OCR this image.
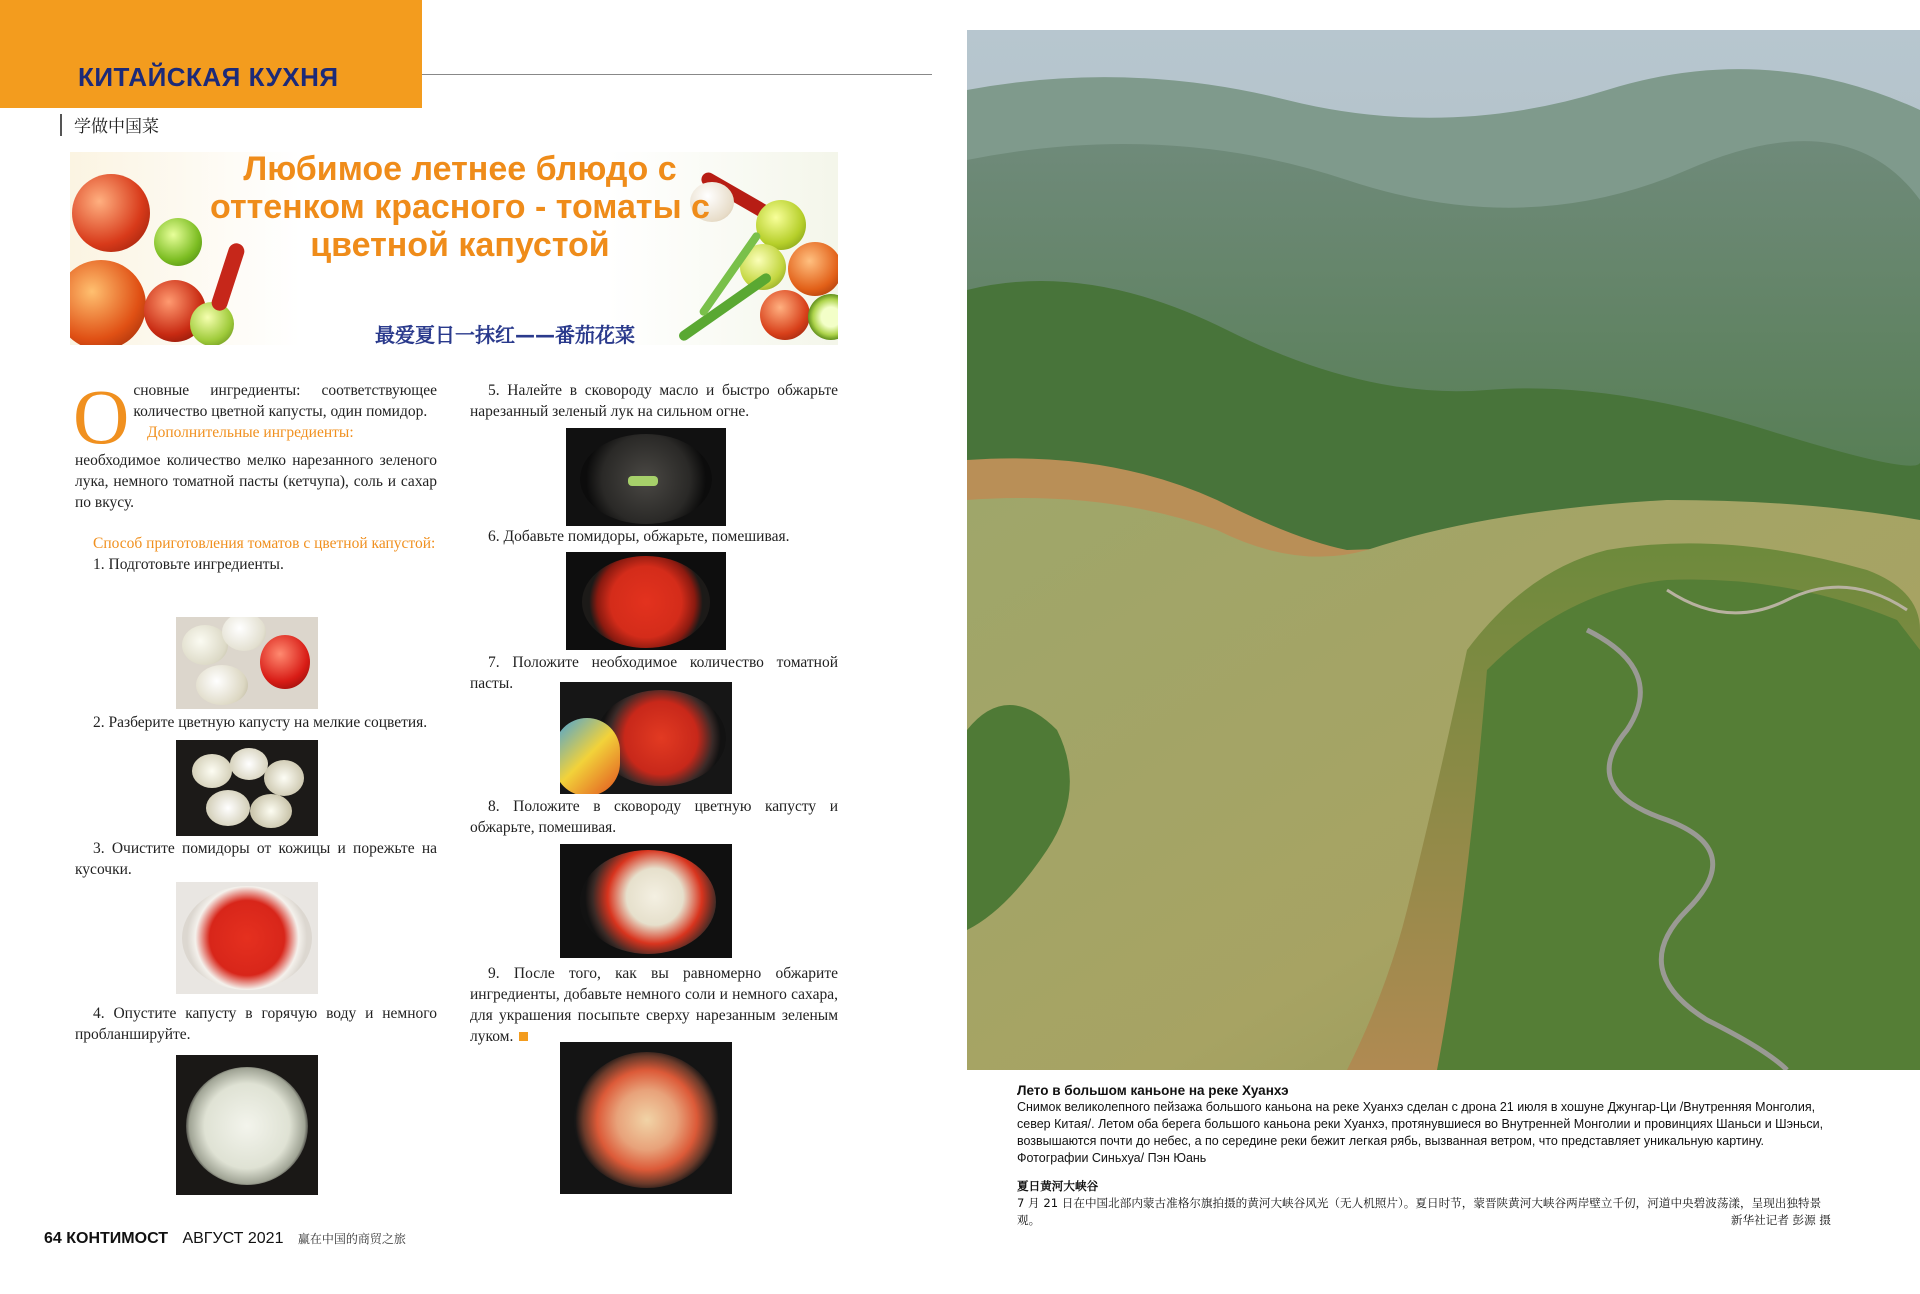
КИТАЙСКАЯ КУХНЯ
学做中国菜
Любимое летнее блюдо с оттенком красного - томаты с цветной капустой
最爱夏日一抹红——番茄花菜

Основные ингредиенты: соответствующее количество цветной капусты, один помидор.

Дополнительные ингредиенты:

необходимое количество мелко нарезанного зеленого лука, немного томатной пасты (кетчупа), соль и сахар по вкусу.

Способ приготовления томатов с цветной капустой:

1. Подготовьте ингредиенты.

2. Разберите цветную капусту на мелкие соцветия.

3. Очистите помидоры от кожицы и порежьте на кусочки.

4. Опустите капусту в горячую воду и немного пробланшируйте.

5. Налейте в сковороду масло и быстро обжарьте нарезанный зеленый лук на сильном огне.

6. Добавьте помидоры, обжарьте, помешивая.

7. Положите необходимое количество томатной пасты.

8. Положите в сковороду цветную капусту и обжарьте, помешивая.

9. После того, как вы равномерно обжарите ингредиенты, добавьте немного соли и немного сахара, для украшения посыпьте сверху нарезанным зеленым луком.

Лето в большом каньоне на реке Хуанхэ
Снимок великолепного пейзажа большого каньона на реке Хуанхэ сделан с дрона 21 июля в хошуне Джунгар-Ци /Внутренняя Монголия, север Китая/. Летом оба берега большого каньона реки Хуанхэ, протянувшиеся во Внутренней Монголии и провинциях Шаньси и Шэньси, возвышаются почти до небес, а по середине реки бежит легкая рябь, вызванная ветром, что представляет уникальную картину. Фотографии Синьхуа/ Пэн Юань
夏日黄河大峡谷
7 月 21 日在中国北部内蒙古准格尔旗拍摄的黄河大峡谷风光（无人机照片）。夏日时节，蒙晋陕黄河大峡谷两岸壁立千仞，河道中央碧波荡漾，呈现出独特景观。	新华社记者 彭源 摄
64 КОНТИМОСТ АВГУСТ 2021 赢在中国的商贸之旅
